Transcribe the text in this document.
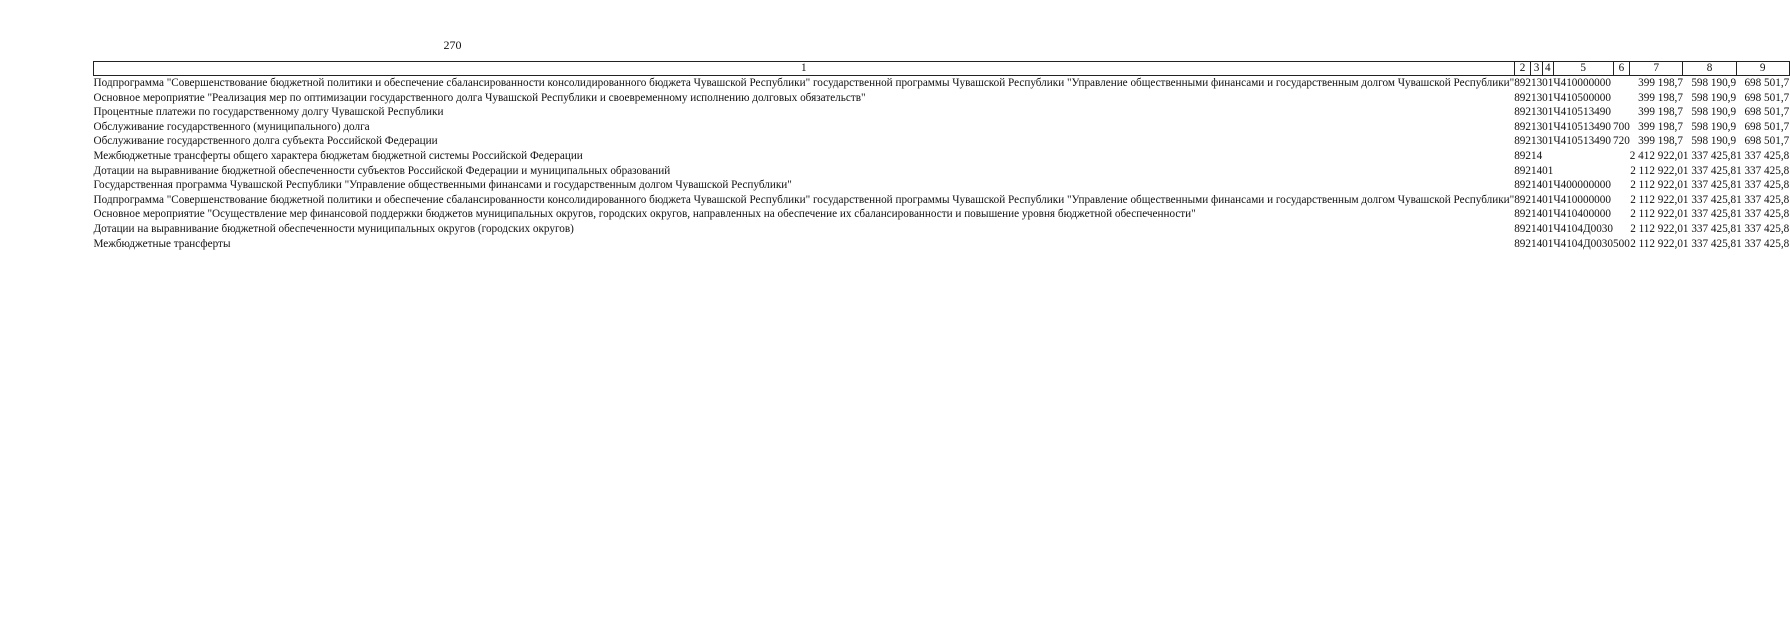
270
1	2	3	4	5	6	7	8	9
Подпрограмма "Совершенствование бюджетной политики и обеспечение сбалансированности консолидированного бюджета Чувашской Республики" государственной программы Чувашской Республики "Управление общественными финансами и государственным долгом Чувашской Республики"	892	13	01	Ч410000000		399 198,7	598 190,9	698 501,7
Основное мероприятие "Реализация мер по оптимизации государственного долга Чувашской Республики и своевременному исполнению долговых обязательств"	892	13	01	Ч410500000		399 198,7	598 190,9	698 501,7
Процентные платежи по государственному долгу Чувашской Республики	892	13	01	Ч410513490		399 198,7	598 190,9	698 501,7
Обслуживание государственного (муниципального) долга	892	13	01	Ч410513490	700	399 198,7	598 190,9	698 501,7
Обслуживание государственного долга субъекта Российской Федерации	892	13	01	Ч410513490	720	399 198,7	598 190,9	698 501,7
Межбюджетные трансферты общего характера бюджетам бюджетной системы Российской Федерации	892	14				2 412 922,0	1 337 425,8	1 337 425,8
Дотации на выравнивание бюджетной обеспеченности субъектов Российской Федерации и муниципальных образований	892	14	01			2 112 922,0	1 337 425,8	1 337 425,8
Государственная программа Чувашской Республики "Управление общественными финансами и государственным долгом Чувашской Республики"	892	14	01	Ч400000000		2 112 922,0	1 337 425,8	1 337 425,8
Подпрограмма "Совершенствование бюджетной политики и обеспечение сбалансированности консолидированного бюджета Чувашской Республики" государственной программы Чувашской Республики "Управление общественными финансами и государственным долгом Чувашской Республики"	892	14	01	Ч410000000		2 112 922,0	1 337 425,8	1 337 425,8
Основное мероприятие "Осуществление мер финансовой поддержки бюджетов муниципальных округов, городских округов, направленных на обеспечение их сбалансированности и повышение уровня бюджетной обеспеченности"	892	14	01	Ч410400000		2 112 922,0	1 337 425,8	1 337 425,8
Дотации на выравнивание бюджетной обеспеченности муниципальных округов (городских округов)	892	14	01	Ч4104Д0030		2 112 922,0	1 337 425,8	1 337 425,8
Межбюджетные трансферты	892	14	01	Ч4104Д0030	500	2 112 922,0	1 337 425,8	1 337 425,8
